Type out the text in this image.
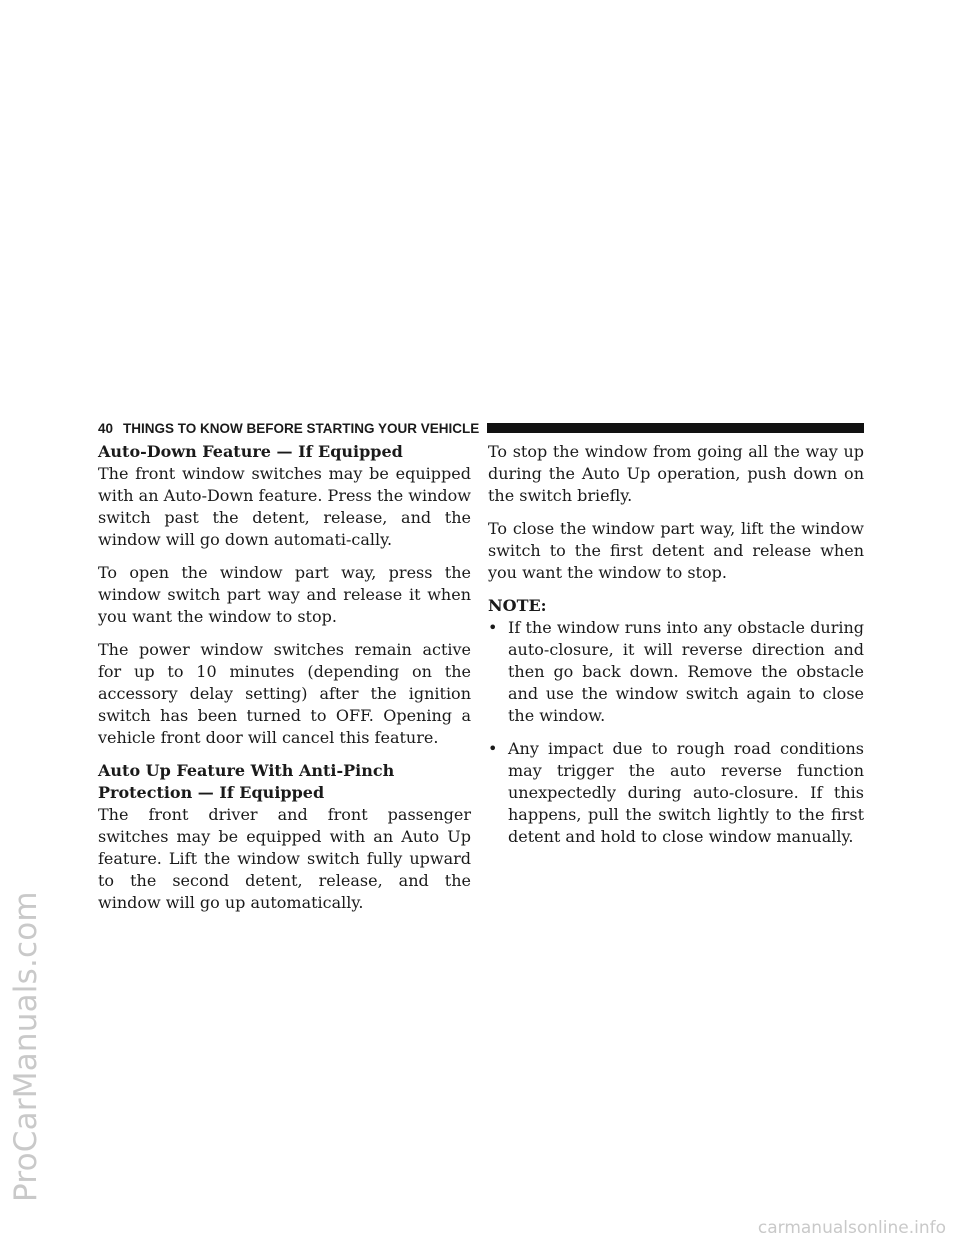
ProCarManuals.com
40 THINGS TO KNOW BEFORE STARTING YOUR VEHICLE
Auto-Down Feature — If Equipped

The front window switches may be equipped with an Auto-Down feature. Press the window switch past the detent, release, and the window will go down automati-cally.

To open the window part way, press the window switch part way and release it when you want the window to stop.

The power window switches remain active for up to 10 minutes (depending on the accessory delay setting) after the ignition switch has been turned to OFF. Opening a vehicle front door will cancel this feature.

Auto Up Feature With Anti-Pinch Protection — If Equipped

The front driver and front passenger switches may be equipped with an Auto Up feature. Lift the window switch fully upward to the second detent, release, and the window will go up automatically.

To stop the window from going all the way up during the Auto Up operation, push down on the switch briefly.

To close the window part way, lift the window switch to the first detent and release when you want the window to stop.

NOTE:
• If the window runs into any obstacle during auto-closure, it will reverse direction and then go back down. Remove the obstacle and use the window switch again to close the window.
• Any impact due to rough road conditions may trigger the auto reverse function unexpectedly during auto-closure. If this happens, pull the switch lightly to the first detent and hold to close window manually.
carmanualsonline.info
